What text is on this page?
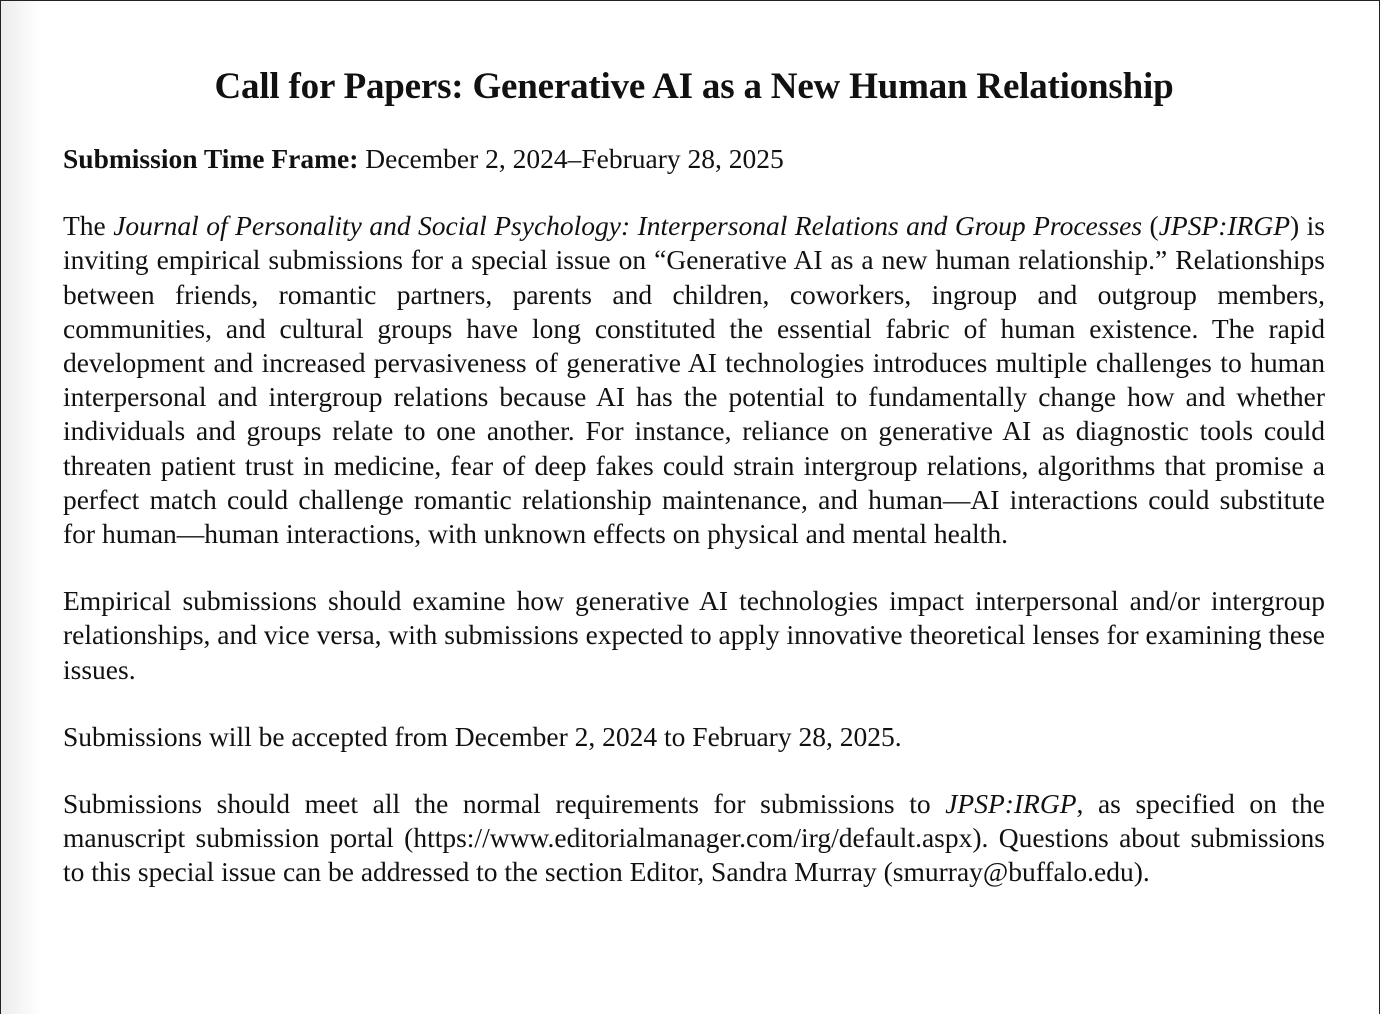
Call for Papers: Generative AI as a New Human Relationship

Submission Time Frame: December 2, 2024–February 28, 2025

The Journal of Personality and Social Psychology: Interpersonal Relations and Group Processes (JPSP:IRGP) is inviting empirical submissions for a special issue on “Generative AI as a new human relationship.” Relationships between friends, romantic partners, parents and children, coworkers, ingroup and outgroup members, communities, and cultural groups have long constituted the essential fabric of human existence. The rapid development and increased pervasiveness of generative AI technologies introduces multiple challenges to human interpersonal and intergroup relations because AI has the potential to fundamentally change how and whether individuals and groups relate to one another. For instance, reliance on generative AI as diagnostic tools could threaten patient trust in medicine, fear of deep fakes could strain intergroup relations, algorithms that promise a perfect match could challenge romantic relationship maintenance, and human—AI interactions could substitute for human—human interactions, with unknown effects on physical and mental health.

Empirical submissions should examine how generative AI technologies impact interpersonal and/or intergroup relationships, and vice versa, with submissions expected to apply innovative theoretical lenses for examining these issues.

Submissions will be accepted from December 2, 2024 to February 28, 2025.

Submissions should meet all the normal requirements for submissions to JPSP:IRGP, as specified on the manuscript submission portal (https://www.editorialmanager.com/irg/default.aspx). Questions about submissions to this special issue can be addressed to the section Editor, Sandra Murray (smurray@buffalo.edu).
